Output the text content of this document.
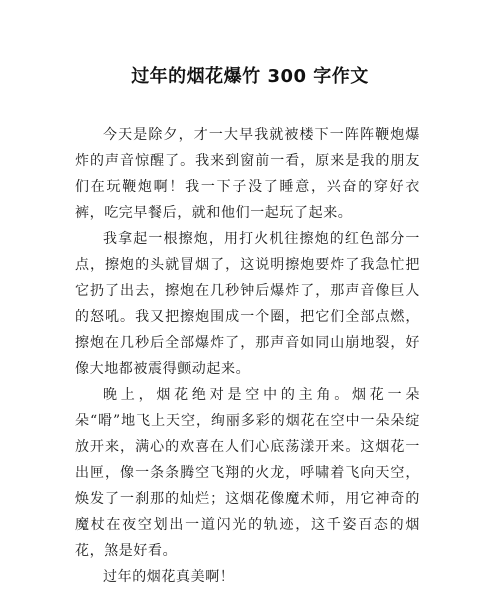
过年的烟花爆竹 300 字作文

今天是除夕，才一大早我就被楼下一阵阵鞭炮爆炸的声音惊醒了。我来到窗前一看，原来是我的朋友们在玩鞭炮啊！我一下子没了睡意，兴奋的穿好衣裤，吃完早餐后，就和他们一起玩了起来。

我拿起一根擦炮，用打火机往擦炮的红色部分一点，擦炮的头就冒烟了，这说明擦炮要炸了我急忙把它扔了出去，擦炮在几秒钟后爆炸了，那声音像巨人的怒吼。我又把擦炮围成一个圈，把它们全部点燃，擦炮在几秒后全部爆炸了，那声音如同山崩地裂，好像大地都被震得颤动起来。

晚上，烟花绝对是空中的主角。烟花一朵朵“嗗”地飞上天空，绚丽多彩的烟花在空中一朵朵绽放开来，满心的欢喜在人们心底荡漾开来。这烟花一出匣，像一条条腾空飞翔的火龙，呼啸着飞向天空，焕发了一刹那的灿烂；这烟花像魔术师，用它神奇的魔杖在夜空划出一道闪光的轨迹，这千姿百态的烟花，煞是好看。

过年的烟花真美啊！
